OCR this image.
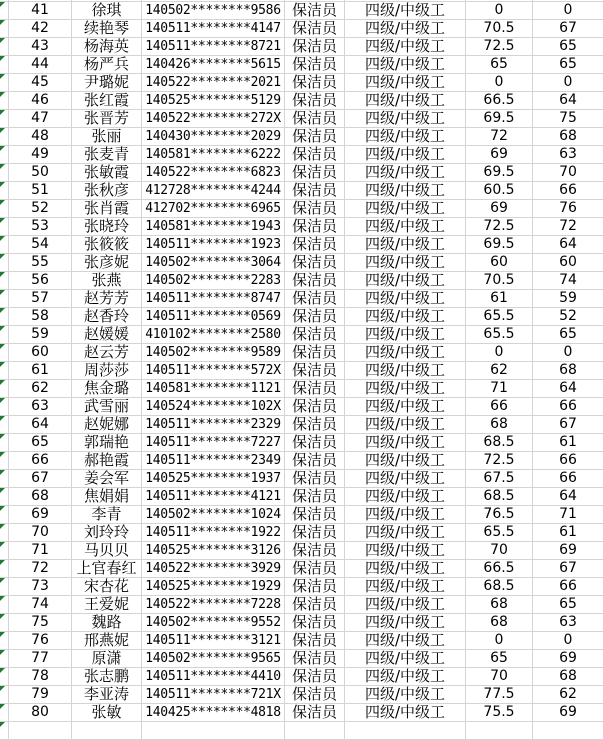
41	徐琪	140502********9586 保洁员	四级/中级工	0	0
42	续艳琴	140511********4147 保洁员	四级/中级工	70.5	67
43	杨海英	140511********8721 保洁员	四级/中级工	72.5	65
44	杨严兵	140426********5615 保洁员	四级/中级工	65	65
45	尹璐妮	140522********2021 保洁员	四级/中级工	0	0
46	张红霞	140525********5129 保洁员	四级/中级工	66.5	64
47	张晋芳	140522********272X 保洁员	四级/中级工	69.5	75
48	张丽	140430********2029 保洁员	四级/中级工	72	68
49	张麦青	140581********6222 保洁员	四级/中级工	69	63
50	张敏霞	140522********6823 保洁员	四级/中级工	69.5	70
51	张秋彦	412728********4244 保洁员	四级/中级工	60.5	66
52	张肖霞	412702********6965 保洁员	四级/中级工	69	76
53	张晓玲	140581********1943 保洁员	四级/中级工	72.5	72
54	张筱筱	140511********1923 保洁员	四级/中级工	69.5	64
55	张彦妮	140502********3064 保洁员	四级/中级工	60	60
56	张燕	140502********2283 保洁员	四级/中级工	70.5	74
57	赵芳芳	140511********8747 保洁员	四级/中级工	61	59
58	赵香玲	140511********0569 保洁员	四级/中级工	65.5	52
59	赵媛媛	410102********2580 保洁员	四级/中级工	65.5	65
60	赵云芳	140502********9589 保洁员	四级/中级工	0	0
61	周莎莎	140511********572X 保洁员	四级/中级工	62	68
62	焦金璐	140581********1121 保洁员	四级/中级工	71	64
63	武雪丽	140524********102X 保洁员	四级/中级工	66	66
64	赵妮娜	140511********2329 保洁员	四级/中级工	68	67
65	郭瑞艳	140511********7227 保洁员	四级/中级工	68.5	61
66	郝艳霞	140511********2349 保洁员	四级/中级工	72.5	66
67	姜会军	140525********1937 保洁员	四级/中级工	67.5	66
68	焦娟娟	140511********4121 保洁员	四级/中级工	68.5	64
69	李青	140502********1024 保洁员	四级/中级工	76.5	71
70	刘玲玲	140511********1922 保洁员	四级/中级工	65.5	61
71	马贝贝	140525********3126 保洁员	四级/中级工	70	69
72	上官春红 140522********3929 保洁员	四级/中级工	66.5	67
73	宋杏花	140525********1929 保洁员	四级/中级工	68.5	66
74	王爱妮	140522********7228 保洁员	四级/中级工	68	65
75	魏路	140502********9552 保洁员	四级/中级工	68	63
76	邢燕妮	140511********3121 保洁员	四级/中级工	0	0
77	原潇	140502********9565 保洁员	四级/中级工	65	69
78	张志鹏	140511********4410 保洁员	四级/中级工	70	68
79	李亚涛	140511********721X 保洁员	四级/中级工	77.5	62
80	张敏	140425********4818 保洁员	四级/中级工	75.5	69
